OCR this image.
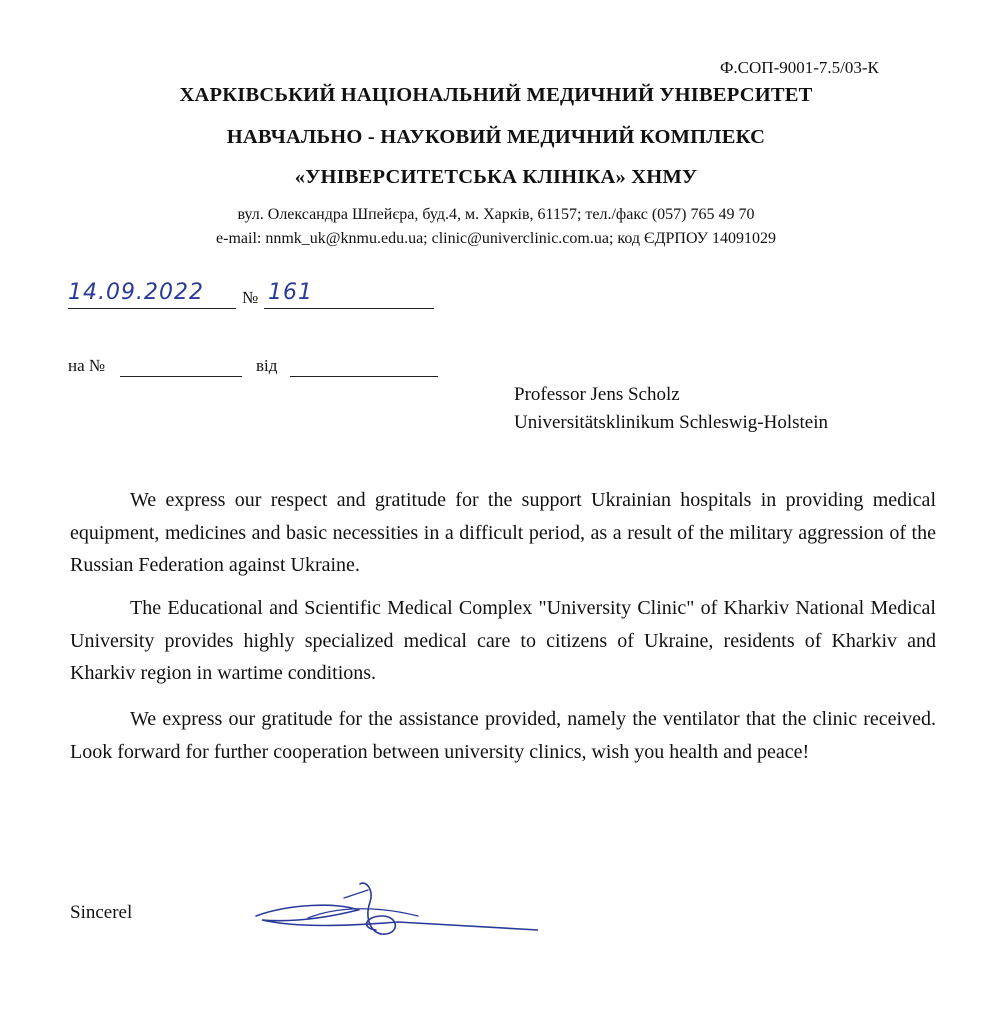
Ф.СОП-9001-7.5/03-К
ХАРКІВСЬКИЙ НАЦІОНАЛЬНИЙ МЕДИЧНИЙ УНІВЕРСИТЕТ
НАВЧАЛЬНО - НАУКОВИЙ МЕДИЧНИЙ КОМПЛЕКС
«УНІВЕРСИТЕТСЬКА КЛІНІКА» ХНМУ
вул. Олександра Шпейєра, буд.4, м. Харків, 61157; тел./факс (057) 765 49 70
e-mail: nnmk_uk@knmu.edu.ua; clinic@univerclinic.com.ua; код ЄДРПОУ 14091029
14.09.2022 № 161
на №	від
Professor Jens Scholz
Universitätsklinikum Schleswig-Holstein
We express our respect and gratitude for the support Ukrainian hospitals in providing medical equipment, medicines and basic necessities in a difficult period, as a result of the military aggression of the Russian Federation against Ukraine.
The Educational and Scientific Medical Complex "University Clinic" of Kharkiv National Medical University provides highly specialized medical care to citizens of Ukraine, residents of Kharkiv and Kharkiv region in wartime conditions.
We express our gratitude for the assistance provided, namely the ventilator that the clinic received. Look forward for further cooperation between university clinics, wish you health and peace!
Sincerel
